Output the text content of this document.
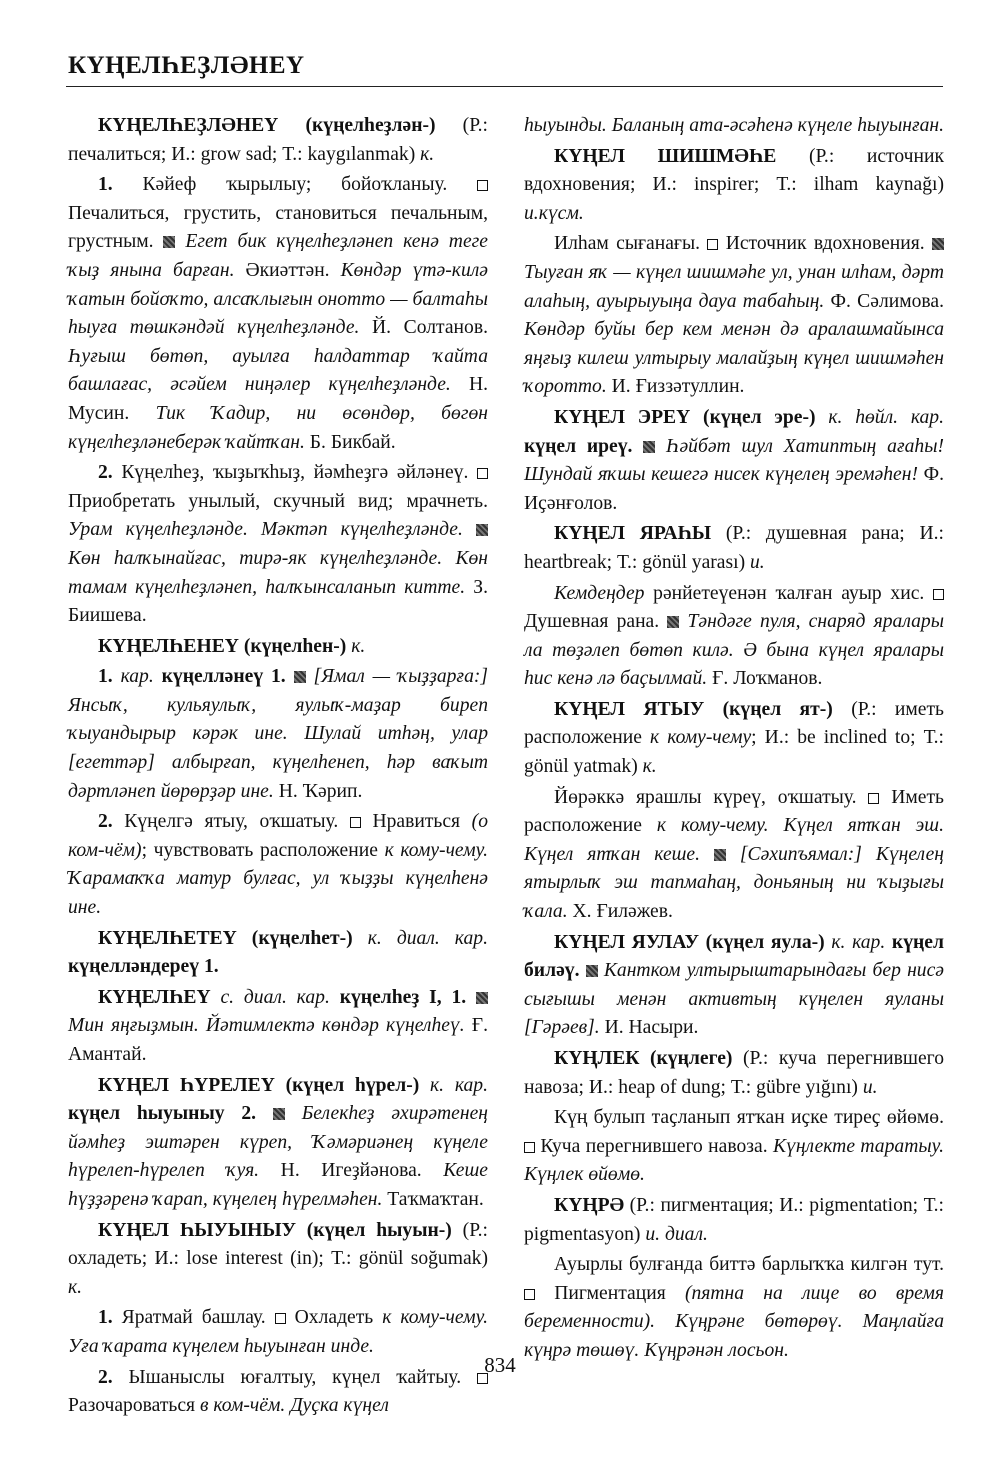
КҮҢЕЛҺЕҘЛӘНЕҮ

КҮҢЕЛҺЕҘЛӘНЕҮ (күңелһеҙлән-) (Р.: печалиться; И.: grow sad; Т.: kaygılanmak) к.

1. Кәйеф ҡырылыу; бойоҡланыу.  Печалиться, грустить, становиться печальным, грустным.  Егет бик күңелһеҙләнеп кенә теге ҡыҙ янына барған. Әкиәттән. Көндәр үтә-килә ҡатын бойоҡто, алсаҡлығын онотто — балтаһы һыуға төшкәндәй күңелһеҙләнде. Й. Солтанов. Һуғыш бөтөп, ауылға һалдаттар ҡайта башлағас, әсәйем ниңәлер күңелһеҙләнде. Н. Мусин. Тик Ҡадир, ни өсөндөр, бөгөн күңелһеҙләнеберәк ҡайтҡан. Б. Бикбай.

2. Күңелһеҙ, ҡыҙыҡһыҙ, йәмһеҙгә әйләнеү.  Приобретать унылый, скучный вид; мрачнеть. Урам күңелһеҙләнде. Мәктәп күңелһеҙләнде.  Көн һалҡынайғас, тирә-як күңелһеҙләнде. Көн тамам күңелһеҙләнеп, һалҡынсаланып китте. З. Биишева.

КҮҢЕЛҺЕНЕҮ (күңелһен-) к.

1. кар. күңелләнеү 1.  [Ямал — ҡыҙҙарға:] Янсыҡ, кульяулыҡ, яулыҡ-маҙар биреп ҡыуандырыр кәрәк ине. Шулай итһәң, улар [егеттәр] албырғап, күңелһенеп, һәр ваҡыт дәртләнеп йөрөрҙәр ине. Н. Ҡәрип.

2. Күңелгә ятыу, оҡшатыу.  Нравиться (о ком-чём); чувствовать расположение к кому-чему. Ҡарамаҡҡа матур булғас, ул ҡыҙҙы күңелһенә ине.

КҮҢЕЛҺЕТЕҮ (күңелһет-) к. диал. кар. күңелләндереү 1.

КҮҢЕЛҺЕҮ с. диал. кар. күңелһеҙ I, 1.  Мин яңғыҙмын. Йәтимлектә көндәр күңелһеү. Ғ. Амантай.

КҮҢЕЛ ҺҮРЕЛЕҮ (күңел һүрел-) к. кар. күңел һыуыныу 2.  Белекһеҙ әхирәтенең йәмһеҙ эштәрен күреп, Ҡәмәриәнең күңеле һүрелеп-һүрелеп ҡуя. Н. Игеҙйәнова. Кеше һүҙҙәренә ҡарап, күңелең һүрелмәһен. Таҡмаҡтан.

КҮҢЕЛ ҺЫУЫНЫУ (күңел һыуын-) (Р.: охладеть; И.: lose interest (in); Т.: gönül soğumak) к.

1. Яратмай башлау.  Охладеть к кому-чему. Уға ҡарата күңелем һыуынған инде.

2. Ышаныслы юғалтыу, күңел ҡайтыу.  Разочароваться в ком-чём. Дуҫка күңел

һыуынды. Баланың ата-әсәһенә күңеле һыуынған.

КҮҢЕЛ ШИШМӘҺЕ (Р.: источник вдохновения; И.: inspirer; Т.: ilham kaynağı) и.күсм.

Илһам сығанағы.  Источник вдохновения.  Тыуған яҡ — күңел шишмәһе ул, унан илһам, дәрт алаһың, ауырыуыңа дауа табаһың. Ф. Сәлимова. Көндәр буйы бер кем менән дә аралашмайынса яңғыҙ килеш ултырыу малайҙың күңел шишмәһен ҡоротто. И. Ғиззәтуллин.

КҮҢЕЛ ЭРЕҮ (күңел эре-) к. һөйл. кар. күңел иреү.  Һәйбәт шул Хатиптың ағаһы! Шундай яҡшы кешегә нисек күңелең эремәһен! Ф. Иҫәнғолов.

КҮҢЕЛ ЯРАҺЫ (Р.: душевная рана; И.: heartbreak; Т.: gönül yarası) и.

Кемдеңдер рәнйетеүенән ҡалған ауыр хис.  Душевная рана.  Тәндәге пуля, снаряд яралары ла төҙәлеп бөтөп килә. Ә бына күңел яралары һис кенә лә баҫылмай. Ғ. Лоҡманов.

КҮҢЕЛ ЯТЫУ (күңел ят-) (Р.: иметь расположение к кому-чему; И.: be inclined to; Т.: gönül yatmak) к.

Йөрәккә ярашлы күреү, оҡшатыу.  Иметь расположение к кому-чему. Күңел ятҡан эш. Күңел ятҡан кеше.  [Сәхипъямал:] Күңелең ятырлыҡ эш тапмаһаң, доньяның ни ҡыҙығы ҡала. Х. Ғиләжев.

КҮҢЕЛ ЯУЛАУ (күңел яула-) к. кар. күңел биләү.  Кантком ултырыштарындағы бер нисә сығышы менән активтың күңелен яуланы [Гәрәев]. И. Насыри.

КҮҢЛЕК (күңлеге) (Р.: куча перегнившего навоза; И.: heap of dung; Т.: gübre yığını) и.

Күң булып таҫланып ятҡан иҫке тиреҫ өйөмө.  Куча перегнившего навоза. Күңлекте таратыу. Күңлек өйөмө.

КҮҢРӘ (Р.: пигментация; И.: pigmentation; Т.: pigmentasyon) и. диал.

Ауырлы булғанда биттә барлыҡҡа килгән тут.  Пигментация (пятна на лице во время беременности). Күңрәне бөтөрөү. Маңлайға күңрә төшөү. Күңрәнән лосьон.

834
